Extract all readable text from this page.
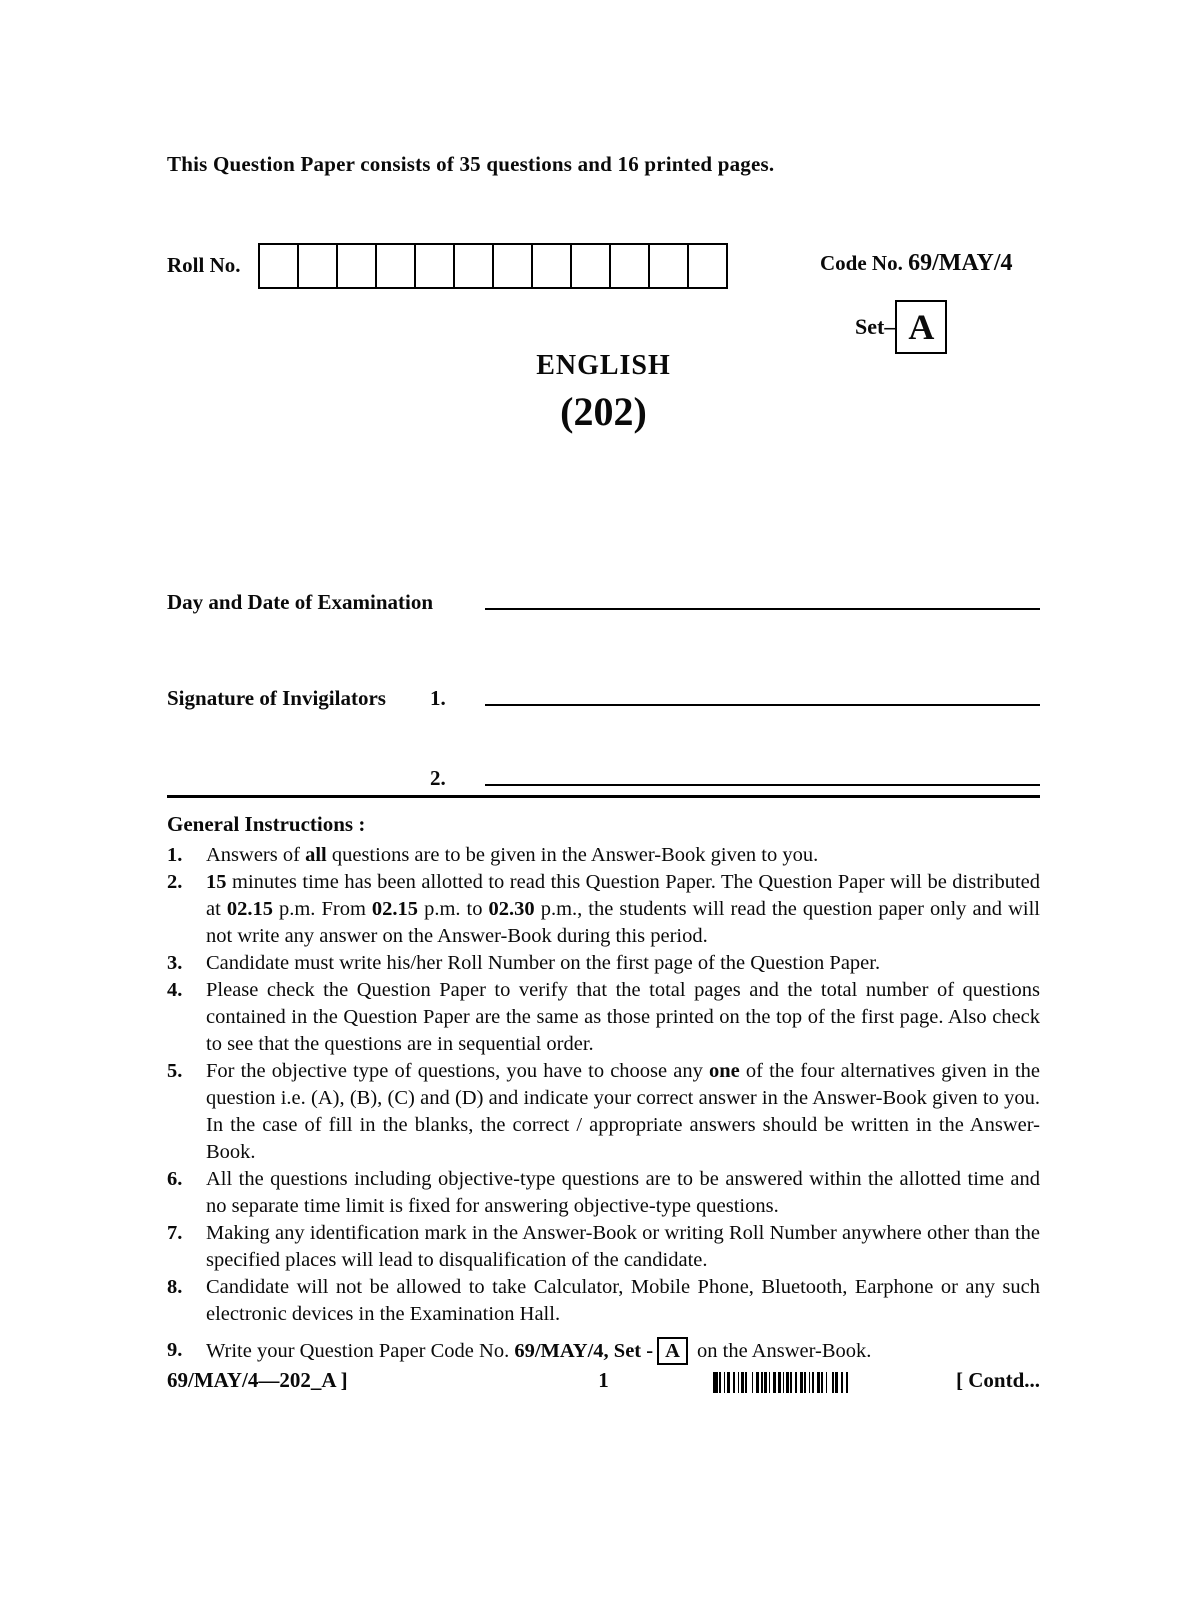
This Question Paper consists of 35 questions and 16 printed pages.
Roll No.	Code No. 69/MAY/4
Set– A
ENGLISH
(202)
Day and Date of Examination
Signature of Invigilators 1.
2.
General Instructions :
1.	Answers of all questions are to be given in the Answer-Book given to you.
2.	15 minutes time has been allotted to read this Question Paper. The Question Paper will be distributed at 02.15 p.m. From 02.15 p.m. to 02.30 p.m., the students will read the question paper only and will not write any answer on the Answer-Book during this period.
3.	Candidate must write his/her Roll Number on the first page of the Question Paper.
4.	Please check the Question Paper to verify that the total pages and the total number of questions contained in the Question Paper are the same as those printed on the top of the first page. Also check to see that the questions are in sequential order.
5.	For the objective type of questions, you have to choose any one of the four alternatives given in the question i.e. (A), (B), (C) and (D) and indicate your correct answer in the Answer-Book given to you. In the case of fill in the blanks, the correct / appropriate answers should be written in the Answer-Book.
6.	All the questions including objective-type questions are to be answered within the allotted time and no separate time limit is fixed for answering objective-type questions.
7.	Making any identification mark in the Answer-Book or writing Roll Number anywhere other than the specified places will lead to disqualification of the candidate.
8.	Candidate will not be allowed to take Calculator, Mobile Phone, Bluetooth, Earphone or any such electronic devices in the Examination Hall.
9.	Write your Question Paper Code No. 69/MAY/4, Set - A on the Answer-Book.
69/MAY/4—202_A ]	1	[ Contd...
